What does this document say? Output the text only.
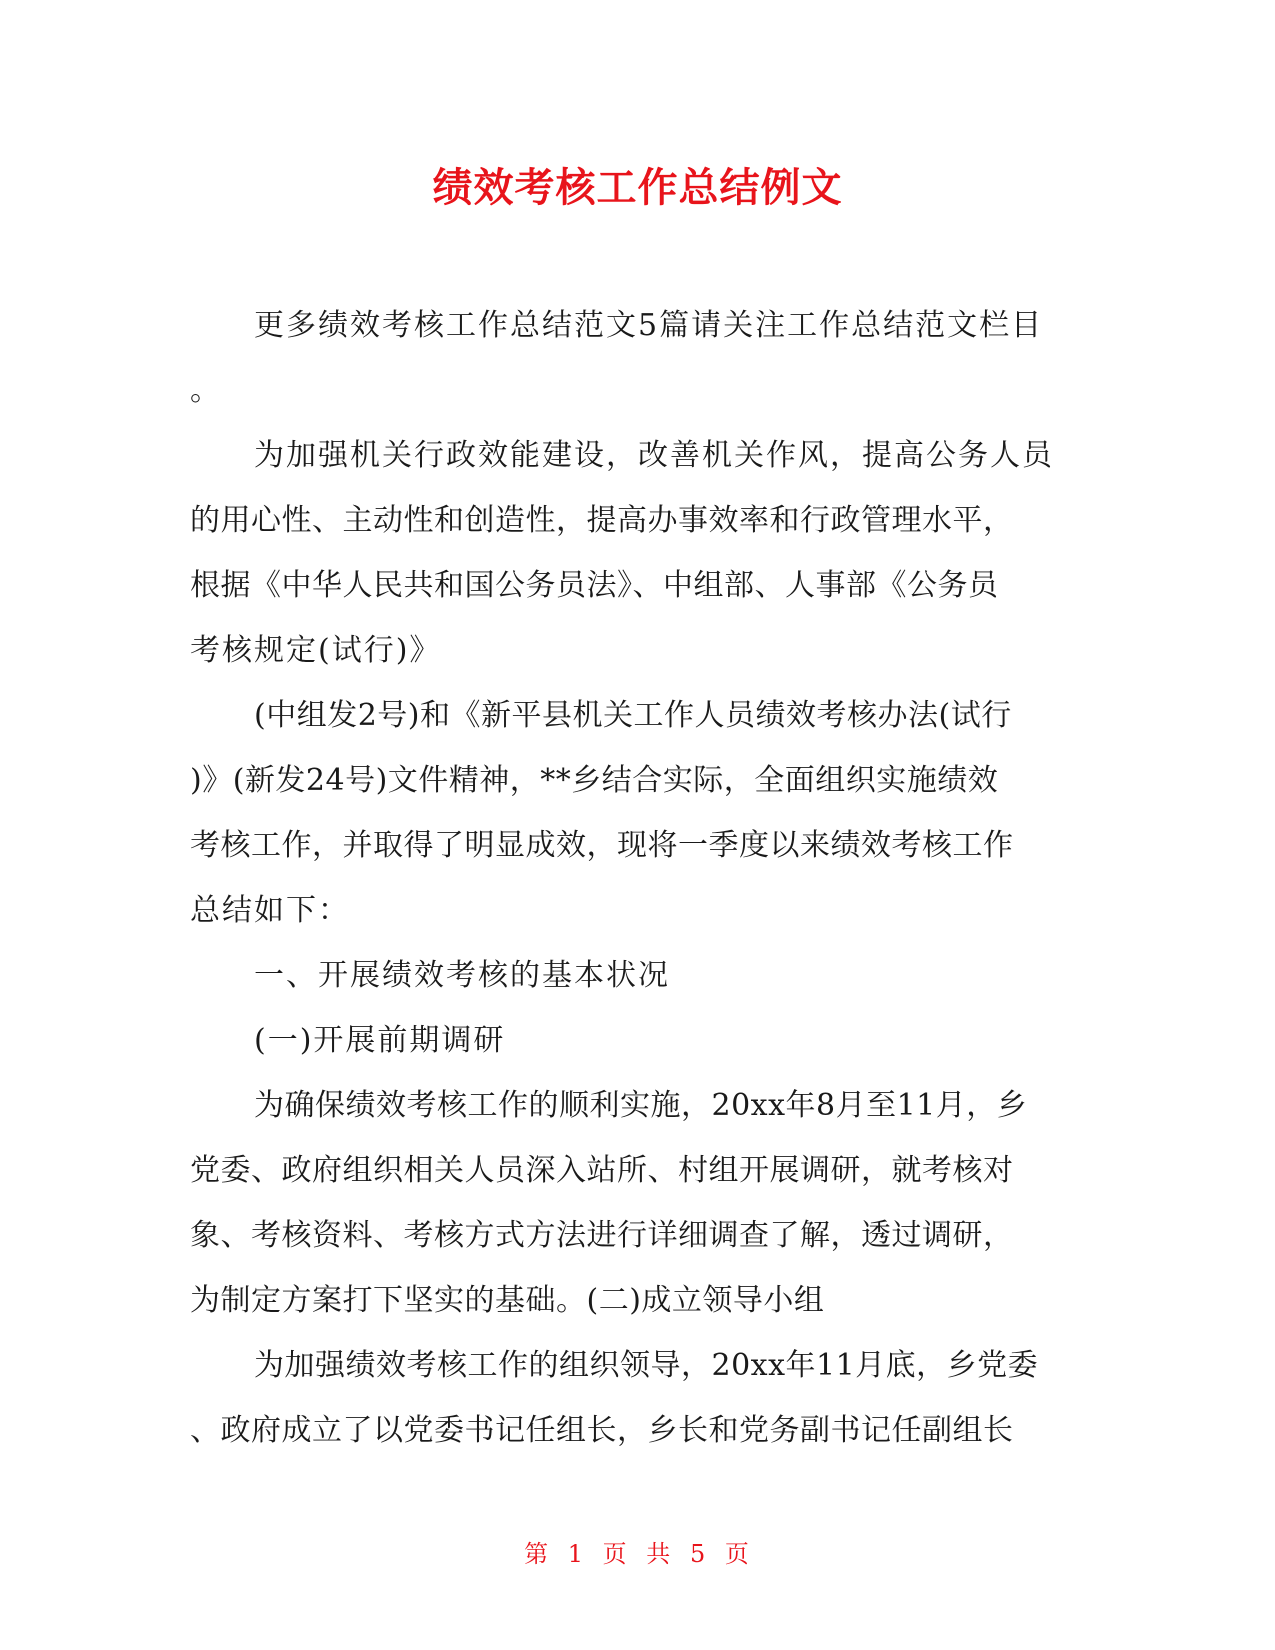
绩效考核工作总结例文
更多绩效考核工作总结范文5篇请关注工作总结范文栏目
。
为加强机关行政效能建设，改善机关作风，提高公务人员
的用心性、主动性和创造性，提高办事效率和行政管理水平，
根据《中华人民共和国公务员法》、中组部、人事部《公务员
考核规定(试行)》
(中组发2号)和《新平县机关工作人员绩效考核办法(试行
)》(新发24号)文件精神，**乡结合实际，全面组织实施绩效
考核工作，并取得了明显成效，现将一季度以来绩效考核工作
总结如下：
一、开展绩效考核的基本状况
(一)开展前期调研
为确保绩效考核工作的顺利实施，20xx年8月至11月，乡
党委、政府组织相关人员深入站所、村组开展调研，就考核对
象、考核资料、考核方式方法进行详细调查了解，透过调研，
为制定方案打下坚实的基础。(二)成立领导小组
为加强绩效考核工作的组织领导，20xx年11月底，乡党委
、政府成立了以党委书记任组长，乡长和党务副书记任副组长
第 1 页 共 5 页
